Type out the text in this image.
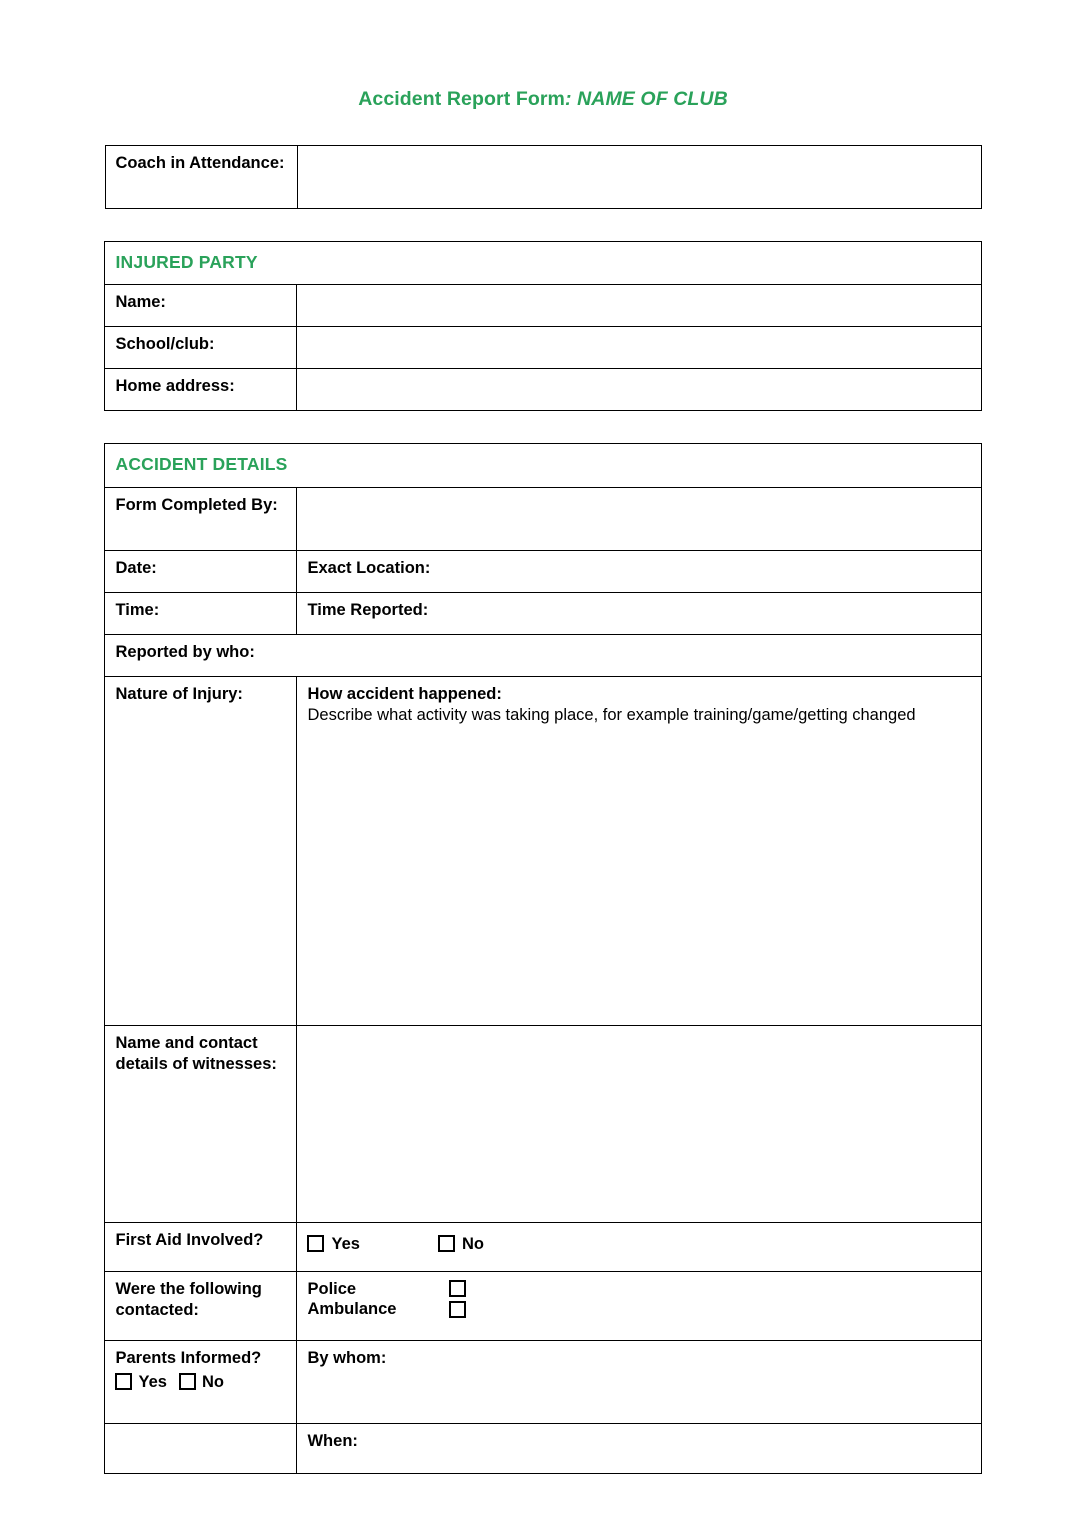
Accident Report Form: NAME OF CLUB
Coach in Attendance:	
INJURED PARTY	
Name:	
School/club:	
Home address:	
ACCIDENT DETAILS	
Form Completed By:	
Date:	Exact Location:
Time:	Time Reported:
Reported by who:	
Nature of Injury:	How accident happened:
Describe what activity was taking place, for example training/game/getting changed

Name and contact details of witnesses:	
First Aid Involved?	Yes No

Were the following contacted:	Police
Ambulance

Parents Informed?
Yes No	By whom:
	When:
